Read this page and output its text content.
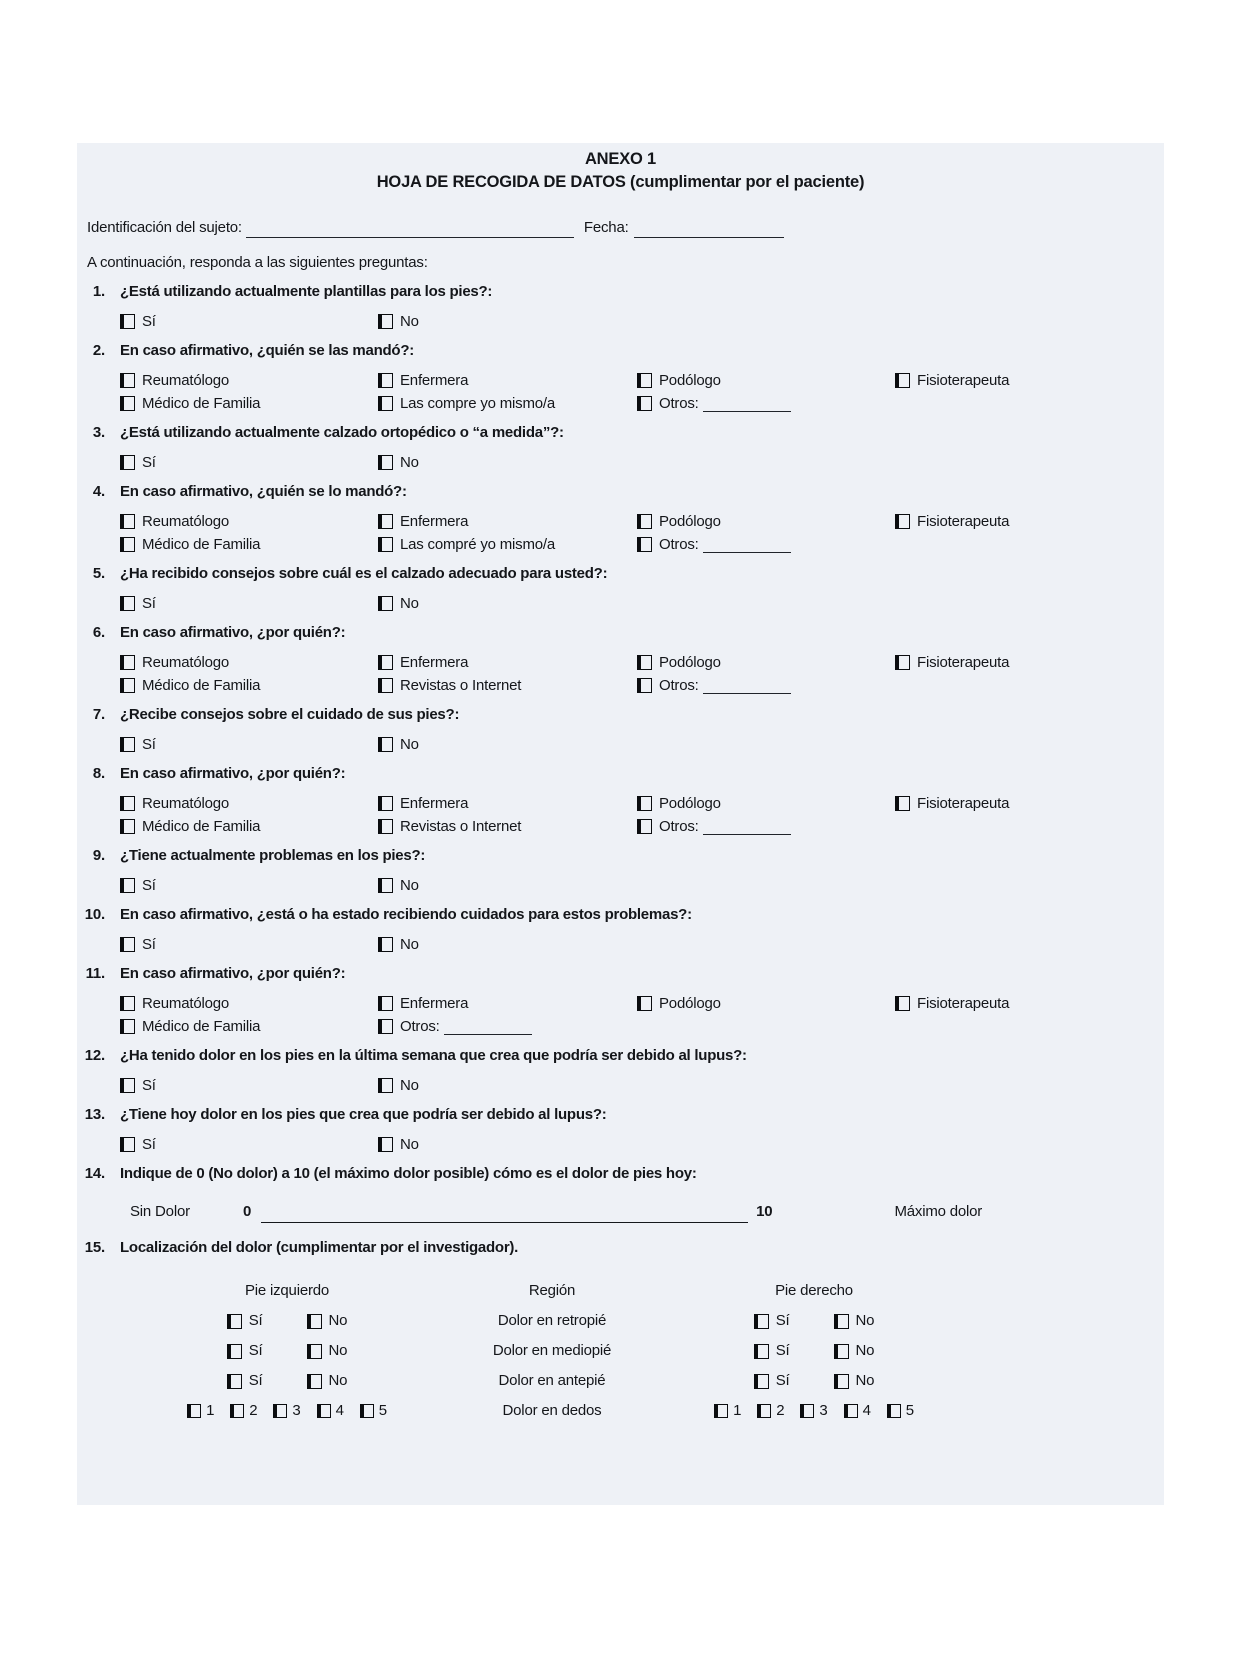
ANEXO 1
HOJA DE RECOGIDA DE DATOS (cumplimentar por el paciente)
Identificación del sujeto:	Fecha:
A continuación, responda a las siguientes preguntas:
1. ¿Está utilizando actualmente plantillas para los pies?:
Sí	No
2. En caso afirmativo, ¿quién se las mandó?:
Reumatólogo	Enfermera	Podólogo	Fisioterapeuta
Médico de Familia	Las compre yo mismo/a	Otros:
3. ¿Está utilizando actualmente calzado ortopédico o “a medida”?:
Sí	No
4. En caso afirmativo, ¿quién se lo mandó?:
Reumatólogo	Enfermera	Podólogo	Fisioterapeuta
Médico de Familia	Las compré yo mismo/a	Otros:
5. ¿Ha recibido consejos sobre cuál es el calzado adecuado para usted?:
Sí	No
6. En caso afirmativo, ¿por quién?:
Reumatólogo	Enfermera	Podólogo	Fisioterapeuta
Médico de Familia	Revistas o Internet	Otros:
7. ¿Recibe consejos sobre el cuidado de sus pies?:
Sí	No
8. En caso afirmativo, ¿por quién?:
Reumatólogo	Enfermera	Podólogo	Fisioterapeuta
Médico de Familia	Revistas o Internet	Otros:
9. ¿Tiene actualmente problemas en los pies?:
Sí	No
10. En caso afirmativo, ¿está o ha estado recibiendo cuidados para estos problemas?:
Sí	No
11. En caso afirmativo, ¿por quién?:
Reumatólogo	Enfermera	Podólogo	Fisioterapeuta
Médico de Familia	Otros:
12. ¿Ha tenido dolor en los pies en la última semana que crea que podría ser debido al lupus?:
Sí	No
13. ¿Tiene hoy dolor en los pies que crea que podría ser debido al lupus?:
Sí	No
14. Indique de 0 (No dolor) a 10 (el máximo dolor posible) cómo es el dolor de pies hoy:
Sin Dolor	0	10	Máximo dolor
15. Localización del dolor (cumplimentar por el investigador).
Pie izquierdo	Región	Pie derecho
Sí	No	Dolor en retropié	Sí	No
Sí	No	Dolor en mediopié	Sí	No
Sí	No	Dolor en antepié	Sí	No
1 2 3 4 5	Dolor en dedos	1 2 3 4 5
